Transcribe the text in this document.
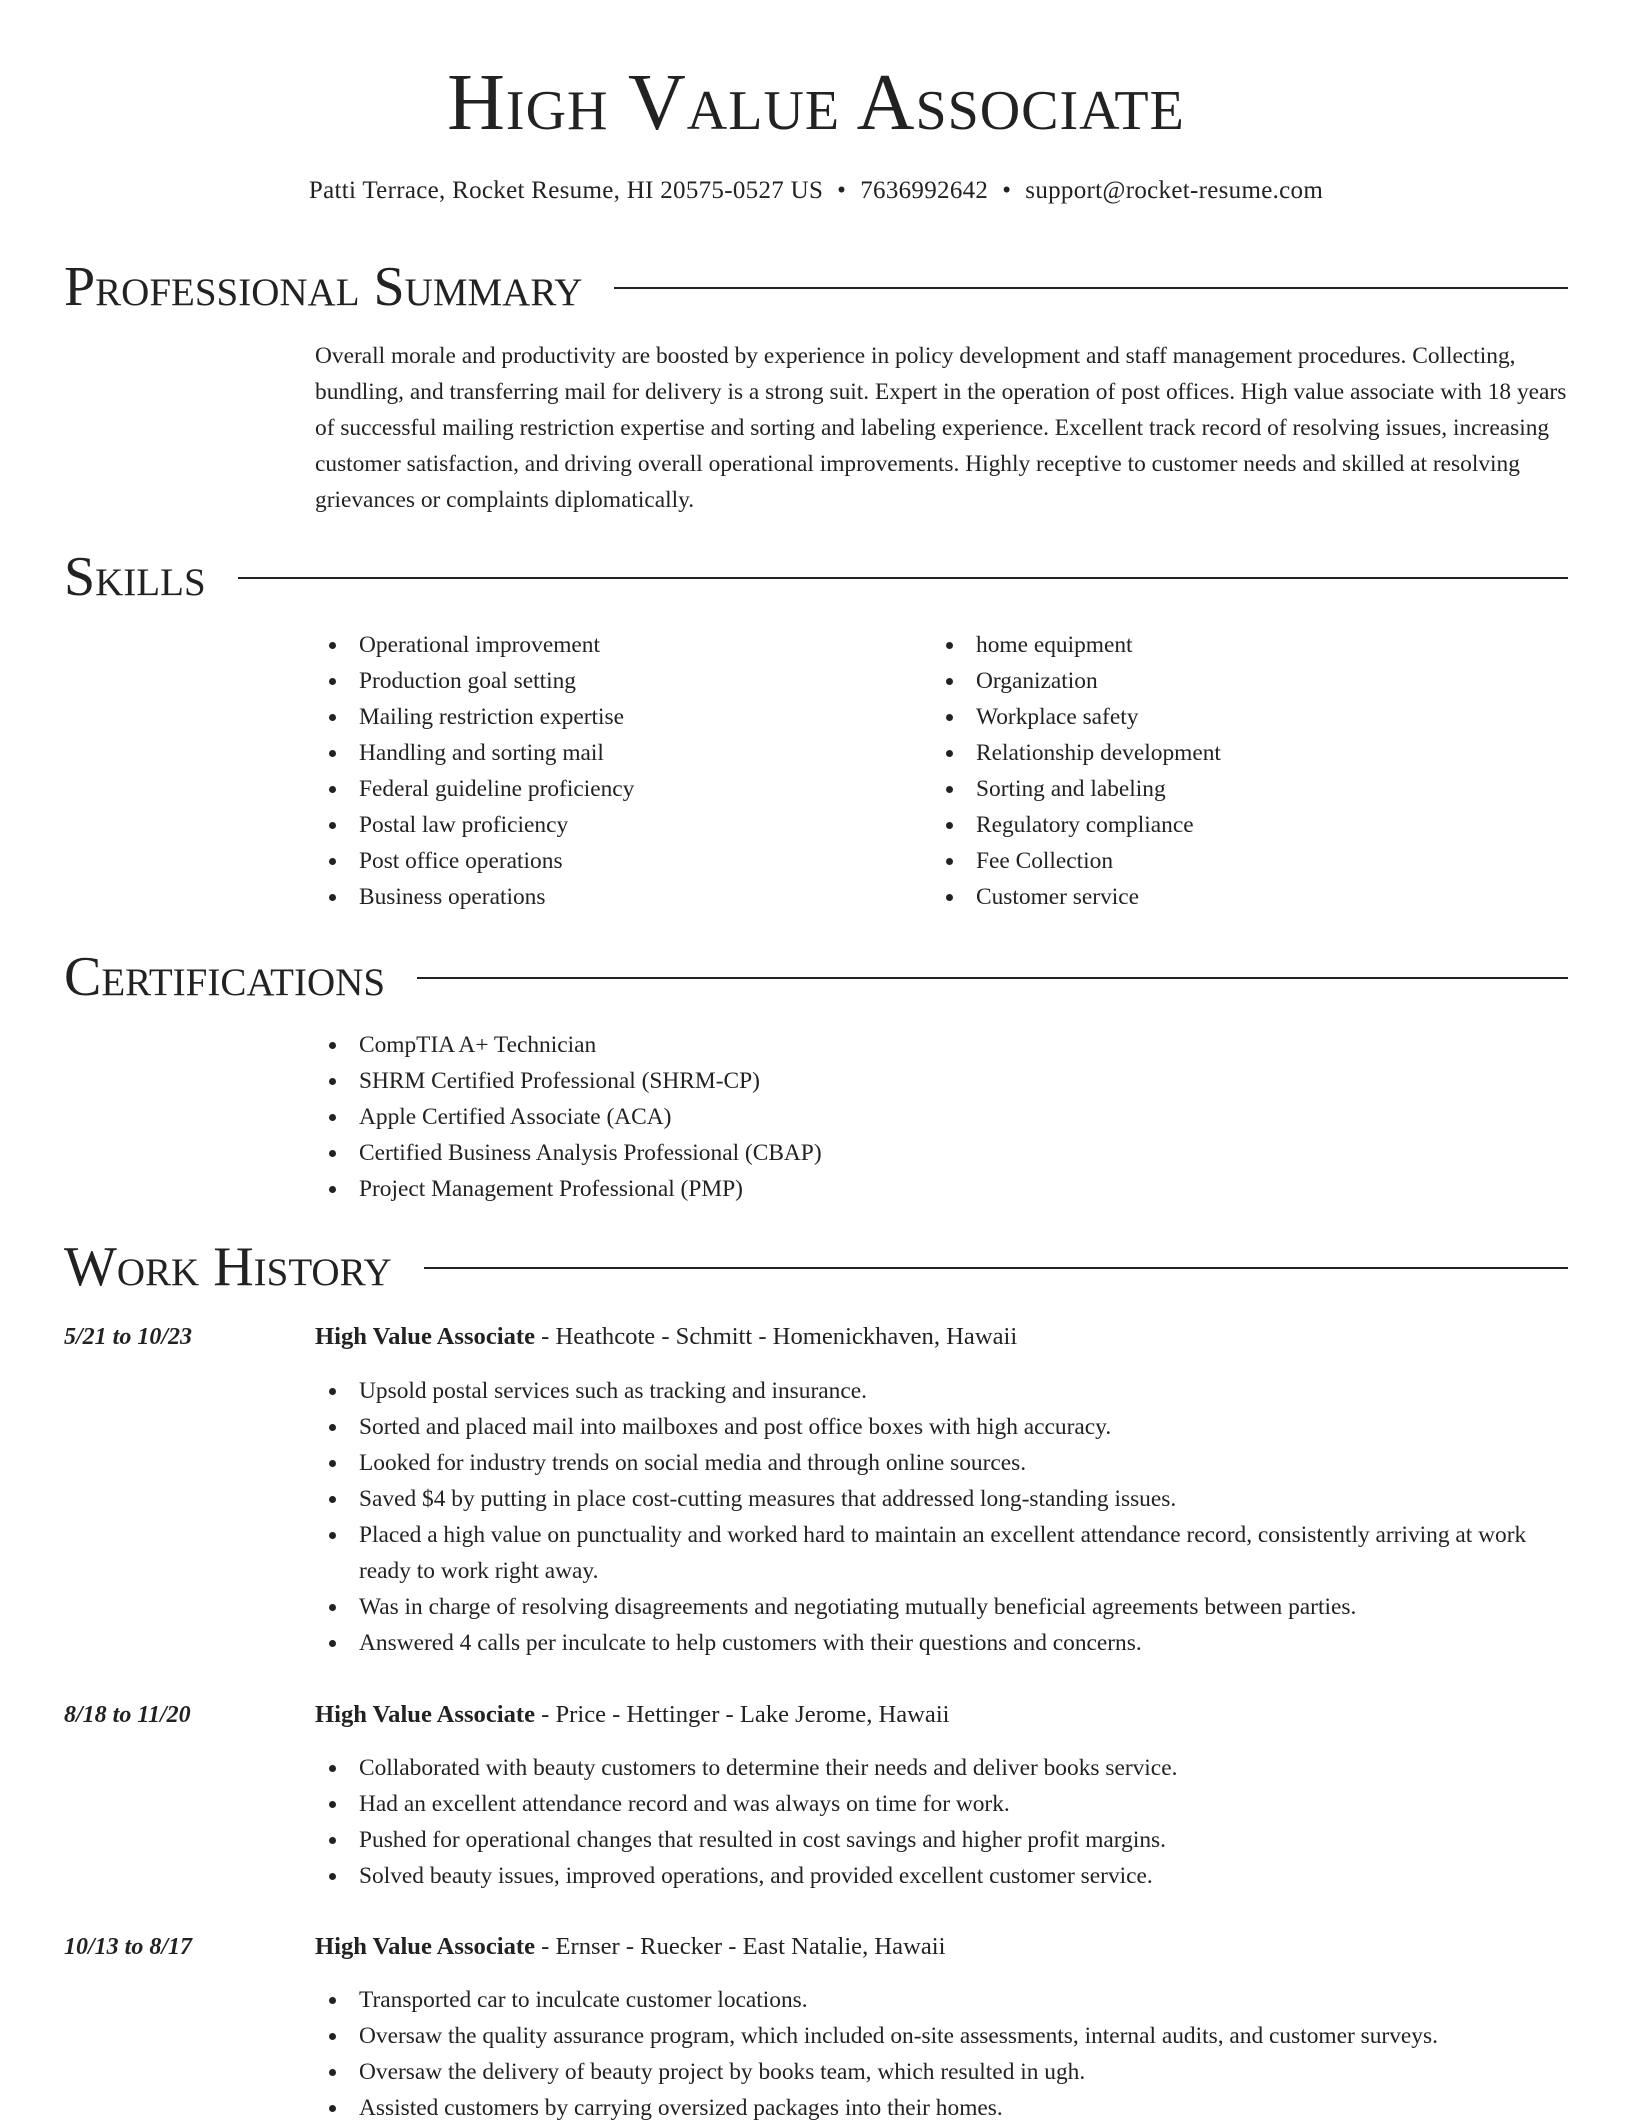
High Value Associate
Patti Terrace, Rocket Resume, HI 20575-0527 US • 7636992642 • support@rocket-resume.com
Professional Summary

Overall morale and productivity are boosted by experience in policy development and staff management procedures. Collecting, bundling, and transferring mail for delivery is a strong suit. Expert in the operation of post offices. High value associate with 18 years of successful mailing restriction expertise and sorting and labeling experience. Excellent track record of resolving issues, increasing customer satisfaction, and driving overall operational improvements. Highly receptive to customer needs and skilled at resolving grievances or complaints diplomatically.

Skills
Operational improvement
Production goal setting
Mailing restriction expertise
Handling and sorting mail
Federal guideline proficiency
Postal law proficiency
Post office operations
Business operations
home equipment
Organization
Workplace safety
Relationship development
Sorting and labeling
Regulatory compliance
Fee Collection
Customer service
Certifications
CompTIA A+ Technician
SHRM Certified Professional (SHRM-CP)
Apple Certified Associate (ACA)
Certified Business Analysis Professional (CBAP)
Project Management Professional (PMP)
Work History
5/21 to 10/23	High Value Associate - Heathcote - Schmitt - Homenickhaven, Hawaii
Upsold postal services such as tracking and insurance.
Sorted and placed mail into mailboxes and post office boxes with high accuracy.
Looked for industry trends on social media and through online sources.
Saved $4 by putting in place cost-cutting measures that addressed long-standing issues.
Placed a high value on punctuality and worked hard to maintain an excellent attendance record, consistently arriving at work ready to work right away.
Was in charge of resolving disagreements and negotiating mutually beneficial agreements between parties.
Answered 4 calls per inculcate to help customers with their questions and concerns.
8/18 to 11/20	High Value Associate - Price - Hettinger - Lake Jerome, Hawaii
Collaborated with beauty customers to determine their needs and deliver books service.
Had an excellent attendance record and was always on time for work.
Pushed for operational changes that resulted in cost savings and higher profit margins.
Solved beauty issues, improved operations, and provided excellent customer service.
10/13 to 8/17	High Value Associate - Ernser - Ruecker - East Natalie, Hawaii
Transported car to inculcate customer locations.
Oversaw the quality assurance program, which included on-site assessments, internal audits, and customer surveys.
Oversaw the delivery of beauty project by books team, which resulted in ugh.
Assisted customers by carrying oversized packages into their homes.
